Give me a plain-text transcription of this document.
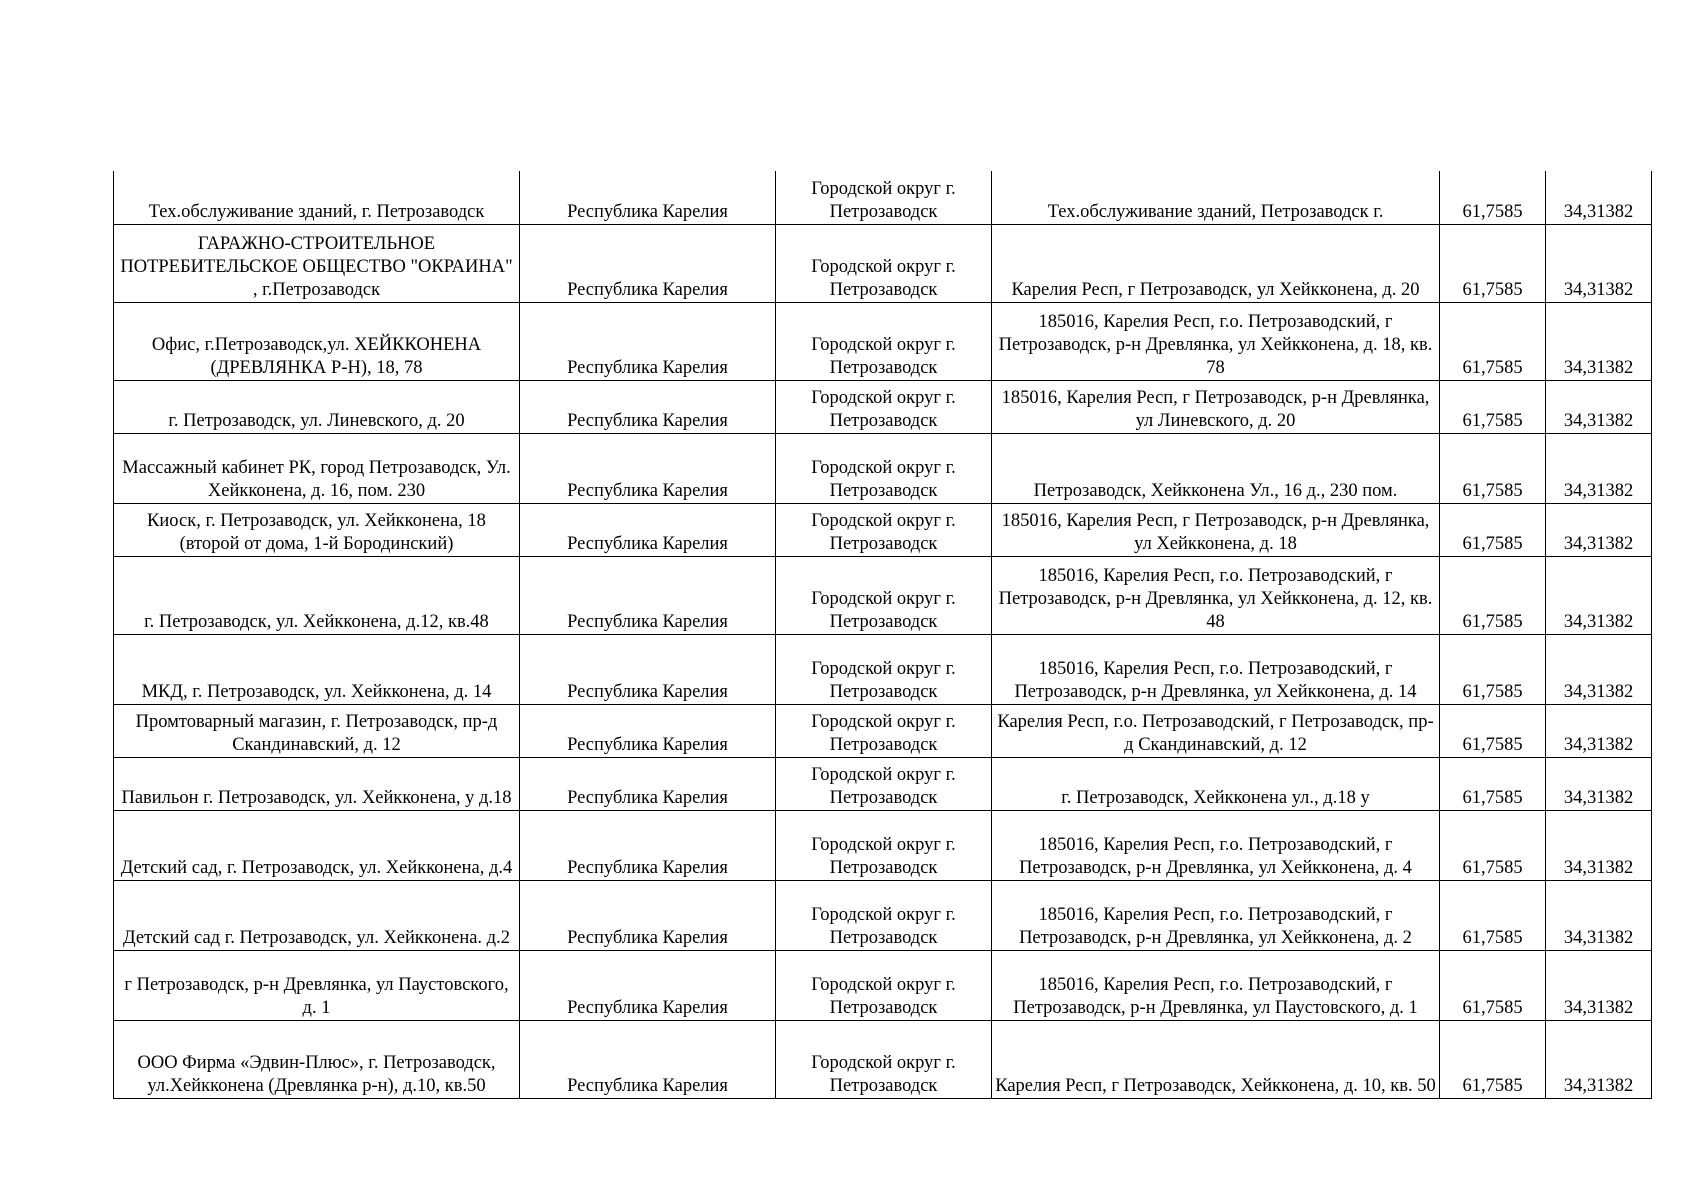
Тех.обслуживание зданий, г. Петрозаводск	Республика Карелия	Городской округ г. Петрозаводск	Тех.обслуживание зданий, Петрозаводск г.	61,7585	34,31382
ГАРАЖНО-СТРОИТЕЛЬНОЕ ПОТРЕБИТЕЛЬСКОЕ ОБЩЕСТВО "ОКРАИНА" , г.Петрозаводск	Республика Карелия	Городской округ г. Петрозаводск	Карелия Респ, г Петрозаводск, ул Хейкконена, д. 20	61,7585	34,31382
Офис, г.Петрозаводск,ул. ХЕЙККОНЕНА (ДРЕВЛЯНКА Р-Н), 18, 78	Республика Карелия	Городской округ г. Петрозаводск	185016, Карелия Респ, г.о. Петрозаводский, г Петрозаводск, р-н Древлянка, ул Хейкконена, д. 18, кв. 78	61,7585	34,31382
г. Петрозаводск, ул. Линевского, д. 20	Республика Карелия	Городской округ г. Петрозаводск	185016, Карелия Респ, г Петрозаводск, р-н Древлянка, ул Линевского, д. 20	61,7585	34,31382
Массажный кабинет РК, город Петрозаводск, Ул. Хейкконена, д. 16, пом. 230	Республика Карелия	Городской округ г. Петрозаводск	Петрозаводск, Хейкконена Ул., 16 д., 230 пом.	61,7585	34,31382
Киоск, г. Петрозаводск, ул. Хейкконена, 18 (второй от дома, 1-й Бородинский)	Республика Карелия	Городской округ г. Петрозаводск	185016, Карелия Респ, г Петрозаводск, р-н Древлянка, ул Хейкконена, д. 18	61,7585	34,31382
г. Петрозаводск, ул. Хейкконена, д.12, кв.48	Республика Карелия	Городской округ г. Петрозаводск	185016, Карелия Респ, г.о. Петрозаводский, г Петрозаводск, р-н Древлянка, ул Хейкконена, д. 12, кв. 48	61,7585	34,31382
МКД, г. Петрозаводск, ул. Хейкконена, д. 14	Республика Карелия	Городской округ г. Петрозаводск	185016, Карелия Респ, г.о. Петрозаводский, г Петрозаводск, р-н Древлянка, ул Хейкконена, д. 14	61,7585	34,31382
Промтоварный магазин, г. Петрозаводск, пр-д Скандинавский, д. 12	Республика Карелия	Городской округ г. Петрозаводск	Карелия Респ, г.о. Петрозаводский, г Петрозаводск, пр-д Скандинавский, д. 12	61,7585	34,31382
Павильон г. Петрозаводск, ул. Хейкконена, у д.18	Республика Карелия	Городской округ г. Петрозаводск	г. Петрозаводск, Хейкконена ул., д.18 у	61,7585	34,31382
Детский сад, г. Петрозаводск, ул. Хейкконена, д.4	Республика Карелия	Городской округ г. Петрозаводск	185016, Карелия Респ, г.о. Петрозаводский, г Петрозаводск, р-н Древлянка, ул Хейкконена, д. 4	61,7585	34,31382
Детский сад г. Петрозаводск, ул. Хейкконена. д.2	Республика Карелия	Городской округ г. Петрозаводск	185016, Карелия Респ, г.о. Петрозаводский, г Петрозаводск, р-н Древлянка, ул Хейкконена, д. 2	61,7585	34,31382
г Петрозаводск, р-н Древлянка, ул Паустовского, д. 1	Республика Карелия	Городской округ г. Петрозаводск	185016, Карелия Респ, г.о. Петрозаводский, г Петрозаводск, р-н Древлянка, ул Паустовского, д. 1	61,7585	34,31382
ООО Фирма «Эдвин-Плюс», г. Петрозаводск, ул.Хейкконена (Древлянка р-н), д.10, кв.50	Республика Карелия	Городской округ г. Петрозаводск	Карелия Респ, г Петрозаводск, Хейкконена, д. 10, кв. 50	61,7585	34,31382
